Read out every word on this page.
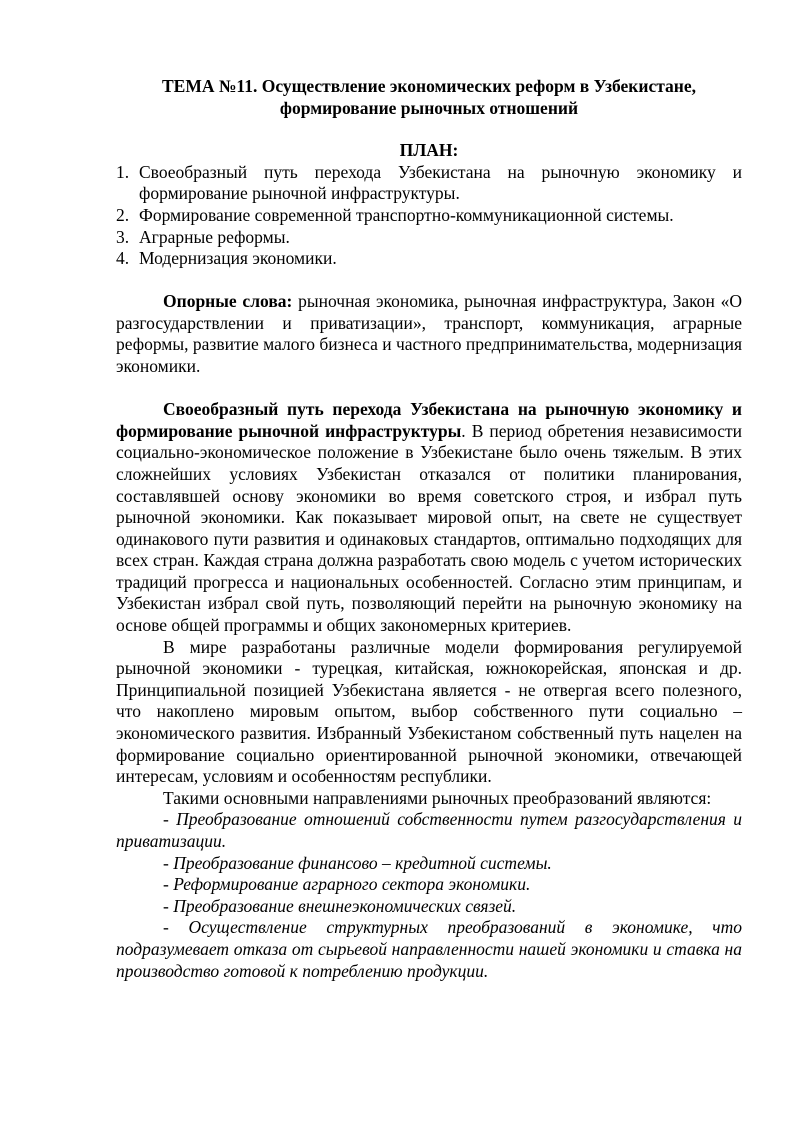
ТЕМА №11. Осуществление экономических реформ в Узбекистане,
формирование рыночных отношений
ПЛАН:
1. Своеобразный путь перехода Узбекистана на рыночную экономику и формирование рыночной инфраструктуры.
2. Формирование современной транспортно-коммуникационной системы.
3. Аграрные реформы.
4. Модернизация экономики.

Опорные слова: рыночная экономика, рыночная инфраструктура, Закон «О разгосударствлении и приватизации», транспорт, коммуникация, аграрные реформы, развитие малого бизнеса и частного предпринимательства, модернизация экономики.

Своеобразный путь перехода Узбекистана на рыночную экономику и формирование рыночной инфраструктуры. В период обретения независимости социально-экономическое положение в Узбекистане было очень тяжелым. В этих сложнейших условиях Узбекистан отказался от политики планирования, составлявшей основу экономики во время советского строя, и избрал путь рыночной экономики. Как показывает мировой опыт, на свете не существует одинакового пути развития и одинаковых стандартов, оптимально подходящих для всех стран. Каждая страна должна разработать свою модель с учетом исторических традиций прогресса и национальных особенностей. Согласно этим принципам, и Узбекистан избрал свой путь, позволяющий перейти на рыночную экономику на основе общей программы и общих закономерных критериев.

В мире разработаны различные модели формирования регулируемой рыночной экономики - турецкая, китайская, южнокорейская, японская и др. Принципиальной позицией Узбекистана является - не отвергая всего полезного, что накоплено мировым опытом, выбор собственного пути социально – экономического развития. Избранный Узбекистаном собственный путь нацелен на формирование социально ориентированной рыночной экономики, отвечающей интересам, условиям и особенностям республики.

Такими основными направлениями рыночных преобразований являются:

- Преобразование отношений собственности путем разгосударствления и приватизации.

- Преобразование финансово – кредитной системы.

- Реформирование аграрного сектора экономики.

- Преобразование внешнеэкономических связей.

- Осуществление структурных преобразований в экономике, что подразумевает отказа от сырьевой направленности нашей экономики и ставка на производство готовой к потреблению продукции.
